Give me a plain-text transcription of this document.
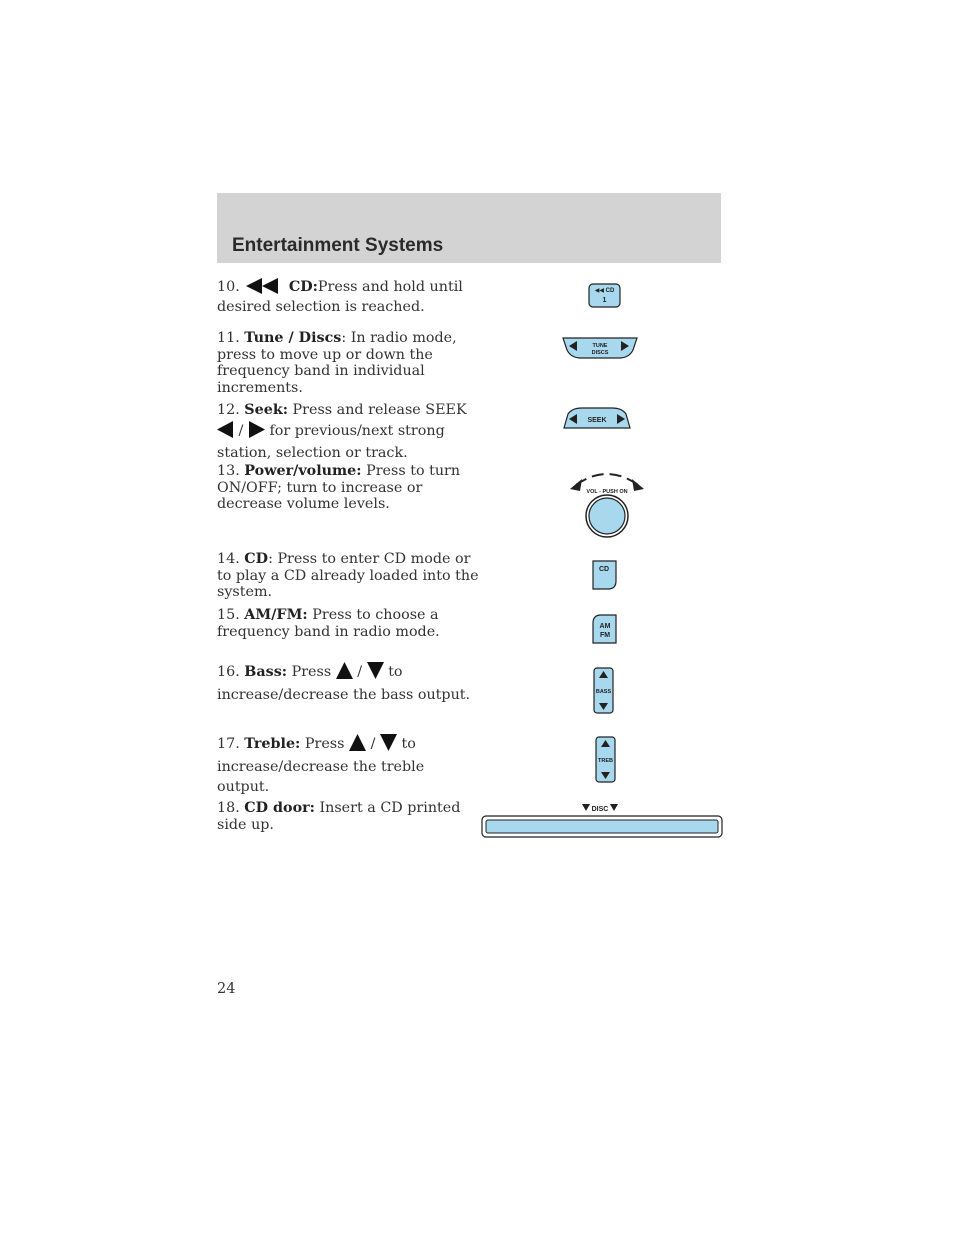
Entertainment Systems
10.	CD:Press and hold until desired selection is reached.
11. Tune / Discs: In radio mode, press to move up or down the frequency band in individual increments.
12. Seek: Press and release SEEK  / for previous/next strong station, selection or track.
13. Power/volume: Press to turn ON/OFF; turn to increase or decrease volume levels.
14. CD: Press to enter CD mode or to play a CD already loaded into the system.
15. AM/FM: Press to choose a frequency band in radio mode.
16. Bass: Press / to increase/decrease the bass output.
17. Treble: Press / to increase/decrease the treble output.
18. CD door: Insert a CD printed side up.
◀◀ CD
1
TUNE
DISCS
SEEK
VOL - PUSH ON
CD
AM
FM
BASS
TREB
DISC
24
